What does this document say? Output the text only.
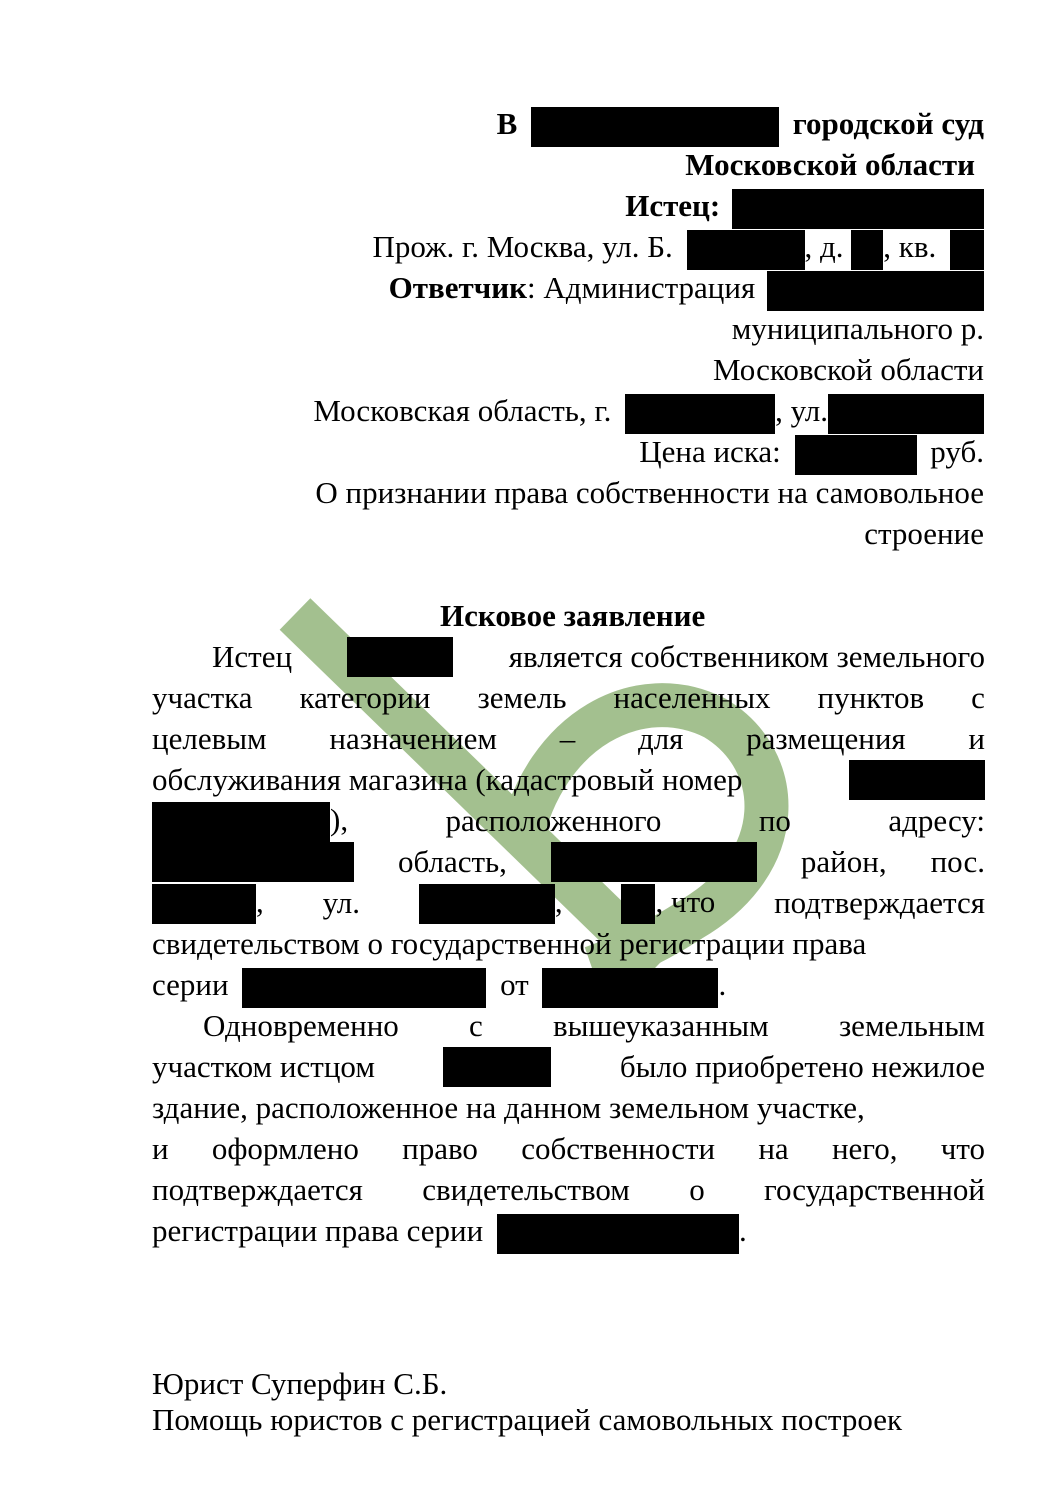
В	городской суд
Московской области
Истец:
Прож. г. Москва, ул. Б.	, д. , кв.
Ответчик: Администрация
муниципального р.
Московской области
Московская область, г.	, ул.
Цена иска:	руб.
О признании права собственности на самовольное
строение
Исковое заявление
Истец	является собственником земельного
участка категории земель населенных пунктов с
целевым назначением – для размещения и
обслуживания магазина (кадастровый номер
),	расположенного	по	адресу:
область,	район, пос.
, ул.	,	, что подтверждается
свидетельством о государственной регистрации права
серии	от	.
Одновременно с вышеуказанным земельным
участком истцом	было приобретено нежилое
здание, расположенное на данном земельном участке,
и оформлено право собственности на него, что
подтверждается свидетельством о государственной
регистрации права серии	.
Юрист Суперфин С.Б.
Помощь юристов с регистрацией самовольных построек
